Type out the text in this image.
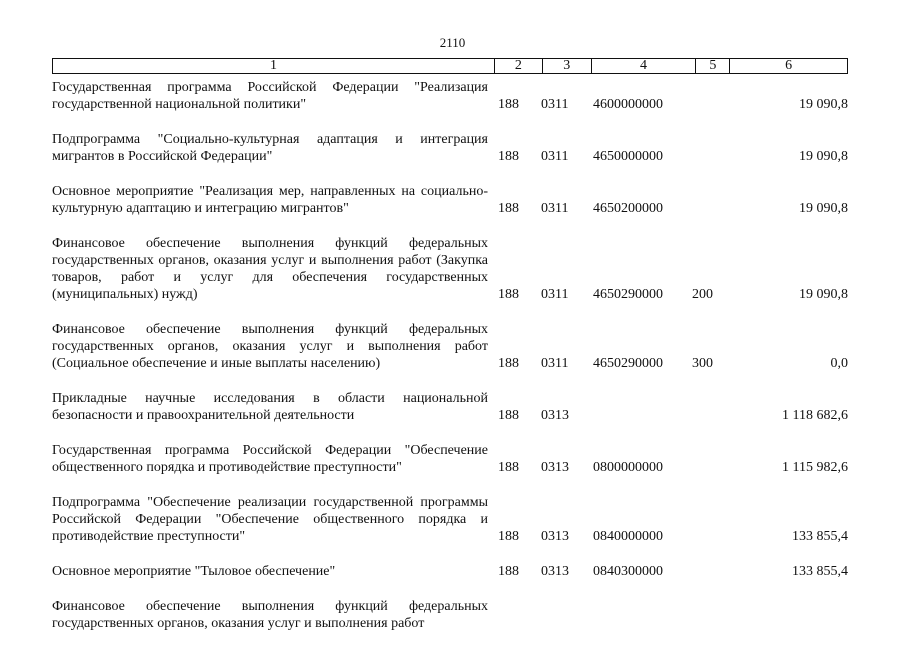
2110
1	2	3	4	5	6
Государственная программа Российской Федерации "Реализация государственной национальной политики"	188 0311 4600000000	19 090,8
Подпрограмма "Социально-культурная адаптация и интеграция мигрантов в Российской Федерации"	188 0311 4650000000	19 090,8
Основное мероприятие "Реализация мер, направленных на социально-культурную адаптацию и интеграцию мигрантов"	188 0311 4650200000	19 090,8
Финансовое обеспечение выполнения функций федеральных государственных органов, оказания услуг и выполнения работ (Закупка товаров, работ и услуг для обеспечения государственных (муниципальных) нужд)	188 0311 4650290000 200	19 090,8
Финансовое обеспечение выполнения функций федеральных государственных органов, оказания услуг и выполнения работ (Социальное обеспечение и иные выплаты населению)	188 0311 4650290000 300	0,0
Прикладные научные исследования в области национальной безопасности и правоохранительной деятельности	188 0313	1 118 682,6
Государственная программа Российской Федерации "Обеспечение общественного порядка и противодействие преступности"	188 0313 0800000000	1 115 982,6
Подпрограмма "Обеспечение реализации государственной программы Российской Федерации "Обеспечение общественного порядка и противодействие преступности"	188 0313 0840000000	133 855,4
Основное мероприятие "Тыловое обеспечение"	188 0313 0840300000	133 855,4
Финансовое обеспечение выполнения функций федеральных государственных органов, оказания услуг и выполнения работ
